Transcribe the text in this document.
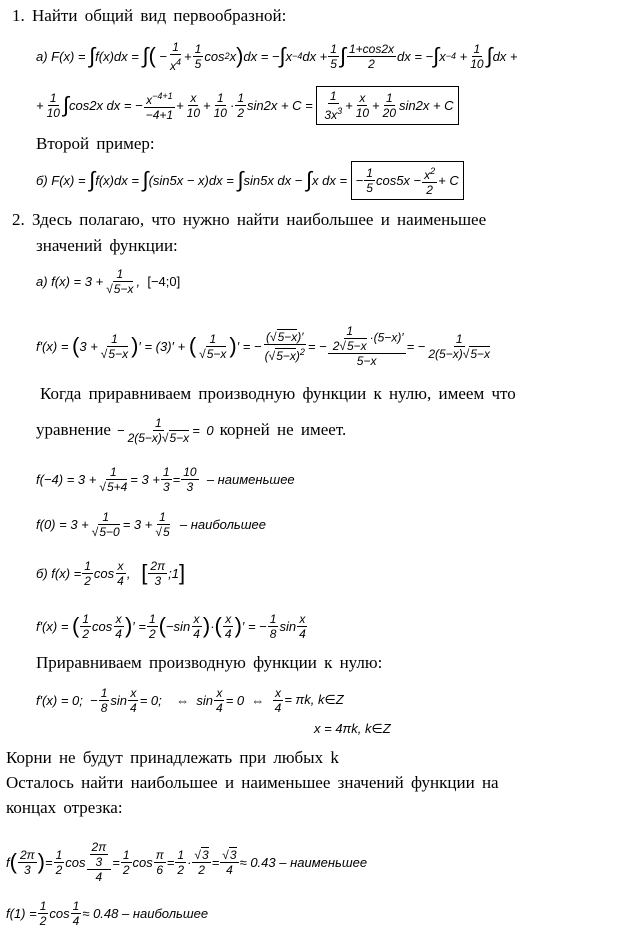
1. Найти общий вид первообразной:
а) F(x) = ∫ f(x)dx = ∫ ( −
1
$x^4 + 1$
5 cos 2 x ) dx = − ∫ x −4 dx + 1
5 ∫ 1+cos2x
2 dx = − ∫ x −4 + 1
10 ∫ dx +
+ 1
10 ∫ cos2x dx = − $x^{-4+1}$
−4+1
+ x
10 + 1
10 · 1
2 sin2x + C =
1
$3x^3 + x$
10 + 1
20 sin2x + C
Второй пример:
б) F(x) = ∫ f(x)dx = ∫ (sin5x − x)dx = ∫ sin5x dx − ∫ x dx = − 1
5 $\cos 5x - x^2$
2
+ C
2. Здесь полагаю, что нужно найти наибольшее и наименьшее
значений функции:
а) f(x) = 3 + 1
√5−x , [−4;0]
f′(x) = ( 3 + 1
√5−x ) ′ = (3)′ + ( 1
√5−x ) ′ = −
(√5−x)′
$(√5-x)^2$ = − $\frac{1}{2√5-x} \cdot(5-x)'$
5−x
= −	1
2(5−x)√5−x
Когда приравниваем производную функции к нулю, имеем что
уравнение −	1
2(5−x)√5−x = 0 корней не имеет.
f(−4) = 3 + 1
√5+4 = 3 + 1
3 = 10
3
– наименьшее
f(0) = 3 + 1
√5−0 = 3 + 1
√5
– наибольшее
б) f(x) = 1
2 cos x
4 , [ 2π
3 ;1 ]
f′(x) = ( 1
2 cos x
4 ) ′ = 1
2 ( −sin x
4 ) · ( x
4 ) ′ = − 1
8 sin x
4
Приравниваем производную функции к нулю:
f′(x) = 0;  − 1
8 sin x
4 = 0; ⇔ sin x
4 = 0 ⇔
x
4
= πk, k∈Z
x = 4πk, k∈Z
Корни не будут принадлежать при любых k
Осталось найти наибольшее и наименьшее значений функции на
концах отрезка:
f ( 2π
3 ) = 1
2 $\cos \frac{2\pi}{3}$
4
= 1
2 cos π
6 = 1
2 · √3
2 = √3
4 ≈ 0.43 – наименьшее
f(1) = 1
2 cos 1
4 ≈ 0.48 – наибольшее
